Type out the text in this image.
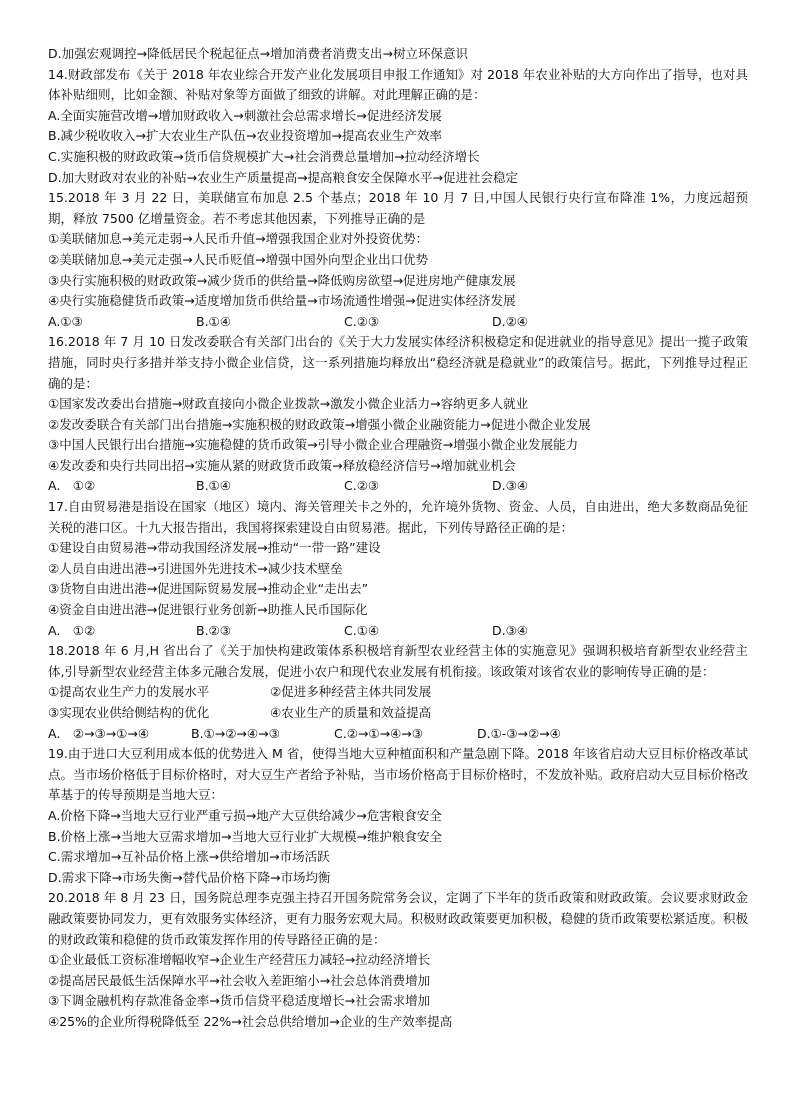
D.加强宏观调控→降低居民个税起征点→增加消费者消费支出→树立环保意识
14.财政部发布《关于 2018 年农业综合开发产业化发展项目申报工作通知》对 2018 年农业补贴的大方向作出了指导，也对具体补贴细则，比如金额、补贴对象等方面做了细致的讲解。对此理解正确的是：
A.全面实施营改增→增加财政收入→刺激社会总需求增长→促进经济发展
B.减少税收收入→扩大农业生产队伍→农业投资增加→提高农业生产效率
C.实施积极的财政政策→货币信贷规模扩大→社会消费总量增加→拉动经济增长
D.加大财政对农业的补贴→农业生产质量提高→提高粮食安全保障水平→促进社会稳定
15.2018 年 3 月 22 日，美联储宣布加息 2.5 个基点；2018 年 10 月 7 日,中国人民银行央行宣布降准 1%，力度远超预期，释放 7500 亿增量资金。若不考虑其他因素，下列推导正确的是
①美联储加息→美元走弱→人民币升值→增强我国企业对外投资优势：
②美联储加息→美元走强→人民币贬值→增强中国外向型企业出口优势
③央行实施积极的财政政策→减少货币的供给量→降低购房欲望→促进房地产健康发展
④央行实施稳健货币政策→适度增加货币供给量→市场流通性增强→促进实体经济发展
A.①③	B.①④	C.②③	D.②④
16.2018 年 7 月 10 日发改委联合有关部门出台的《关于大力发展实体经济积极稳定和促进就业的指导意见》提出一揽子政策措施，同时央行多措并举支持小微企业信贷，这一系列措施均释放出“稳经济就是稳就业”的政策信号。据此，下列推导过程正确的是：
①国家发改委出台措施→财政直接向小微企业拨款→激发小微企业活力→容纳更多人就业
②发改委联合有关部门出台措施→实施积极的财政政策→增强小微企业融资能力→促进小微企业发展
③中国人民银行出台措施→实施稳健的货币政策→引导小微企业合理融资→增强小微企业发展能力
④发改委和央行共同出招→实施从紧的财政货币政策→释放稳经济信号→增加就业机会
A.　①②	B.①④	C.②③	D.③④
17.自由贸易港是指设在国家（地区）境内、海关管理关卡之外的，允许境外货物、资金、人员，自由进出，绝大多数商品免征关税的港口区。十九大报告指出，我国将探索建设自由贸易港。据此，下列传导路径正确的是：
①建设自由贸易港→带动我国经济发展→推动“一带一路”建设
②人员自由进出港→引进国外先进技术→减少技术壁垒
③货物自由进出港→促进国际贸易发展→推动企业“走出去”
④资金自由进出港→促进银行业务创新→助推人民币国际化
A.　①②	B.②③	C.①④	D.③④
18.2018 年 6 月,H 省出台了《关于加快构建政策体系积极培育新型农业经营主体的实施意见》强调积极培育新型农业经营主体,引导新型农业经营主体多元融合发展，促进小农户和现代农业发展有机衔接。该政策对该省农业的影响传导正确的是：
①提高农业生产力的发展水平	②促进多种经营主体共同发展
③实现农业供给侧结构的优化	④农业生产的质量和效益提高
A.　②→③→①→④	B.①→②→④→③	C.②→①→④→③	D.①-③→②→④
19.由于进口大豆利用成本低的优势进入 M 省，使得当地大豆种植面积和产量急剧下降。2018 年该省启动大豆目标价格改革试点。当市场价格低于目标价格时，对大豆生产者给予补贴，当市场价格高于目标价格时，不发放补贴。政府启动大豆目标价格改革基于的传导预期是当地大豆：
A.价格下降→当地大豆行业严重亏损→地产大豆供给减少→危害粮食安全
B.价格上涨→当地大豆需求增加→当地大豆行业扩大规模→维护粮食安全
C.需求增加→互补品价格上涨→供给增加→市场活跃
D.需求下降→市场失衡→替代品价格下降→市场均衡
20.2018 年 8 月 23 日，国务院总理李克强主持召开国务院常务会议，定调了下半年的货币政策和财政政策。会议要求财政金融政策要协同发力，更有效服务实体经济，更有力服务宏观大局。积极财政政策要更加积极，稳健的货币政策要松紧适度。积极的财政政策和稳健的货币政策发挥作用的传导路径正确的是：
①企业最低工资标准增幅收窄→企业生产经营压力减轻→拉动经济增长
②提高居民最低生活保障水平→社会收入差距缩小→社会总体消费增加
③下调金融机构存款准备金率→货币信贷平稳适度增长→社会需求增加
④25%的企业所得税降低至 22%→社会总供给增加→企业的生产效率提高
